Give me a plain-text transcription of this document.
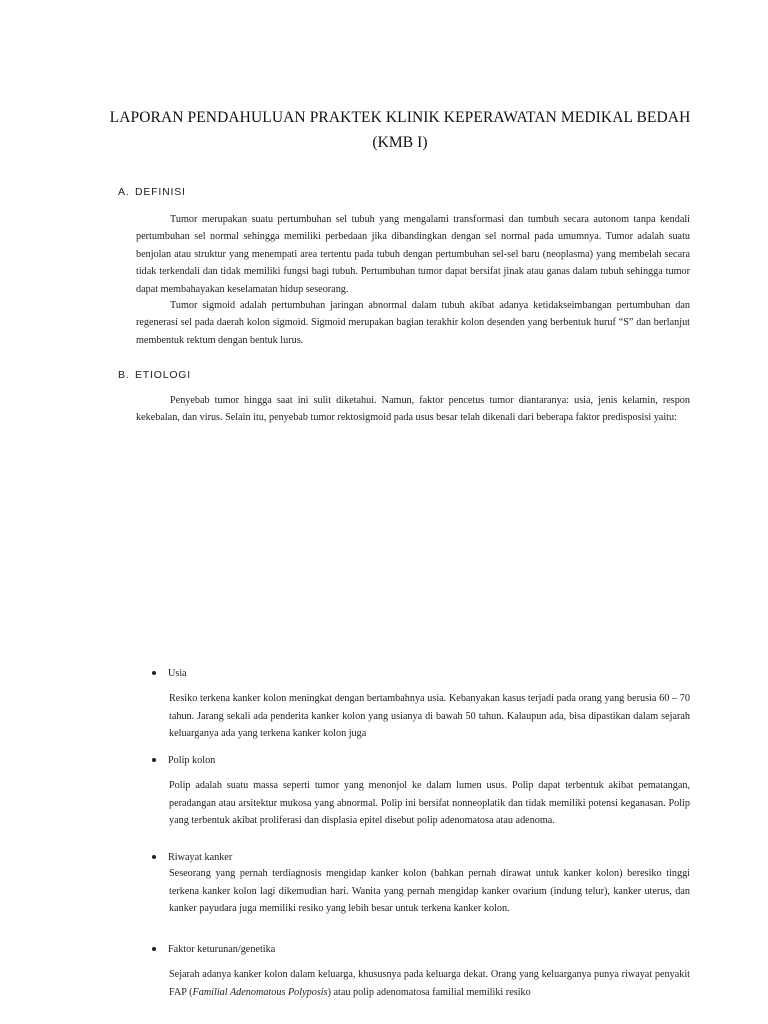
LAPORAN PENDAHULUAN PRAKTEK KLINIK KEPERAWATAN MEDIKAL BEDAH
(KMB I)
A. DEFINISI

Tumor merupakan suatu pertumbuhan sel tubuh yang mengalami transformasi dan tumbuh secara autonom tanpa kendali pertumbuhan sel normal sehingga memiliki perbedaan jika dibandingkan dengan sel normal pada umumnya. Tumor adalah suatu benjolan atau struktur yang menempati area tertentu pada tubuh dengan pertumbuhan sel-sel baru (neoplasma) yang membelah secara tidak terkendali dan tidak memiliki fungsi bagi tubuh. Pertumbuhan tumor dapat bersifat jinak atau ganas dalam tubuh sehingga tumor dapat membahayakan keselamatan hidup seseorang.

Tumor sigmoid adalah pertumbuhan jaringan abnormal dalam tubuh akibat adanya ketidakseimbangan pertumbuhan dan regenerasi sel pada daerah kolon sigmoid. Sigmoid merupakan bagian terakhir kolon desenden yang berbentuk huruf “S” dan berlanjut membentuk rektum dengan bentuk lurus.

B. ETIOLOGI

Penyebab tumor hingga saat ini sulit diketahui. Namun, faktor pencetus tumor diantaranya: usia, jenis kelamin, respon kekebalan, dan virus. Selain itu, penyebab tumor rektosigmoid pada usus besar telah dikenali dari beberapa faktor predisposisi yaitu:

Usia

Resiko terkena kanker kolon meningkat dengan bertambahnya usia. Kebanyakan kasus terjadi pada orang yang berusia 60 – 70 tahun. Jarang sekali ada penderita kanker kolon yang usianya di bawah 50 tahun. Kalaupun ada, bisa dipastikan dalam sejarah keluarganya ada yang terkena kanker kolon juga

Polip kolon

Polip adalah suatu massa seperti tumor yang menonjol ke dalam lumen usus. Polip dapat terbentuk akibat pematangan, peradangan atau arsitektur mukosa yang abnormal. Polip ini bersifat nonneoplatik dan tidak memiliki potensi keganasan. Polip yang terbentuk akibat proliferasi dan displasia epitel disebut polip adenomatosa atau adenoma.

Riwayat kanker

Seseorang yang pernah terdiagnosis mengidap kanker kolon (bahkan pernah dirawat untuk kanker kolon) beresiko tinggi terkena kanker kolon lagi dikemudian hari. Wanita yang pernah mengidap kanker ovarium (indung telur), kanker uterus, dan kanker payudara juga memiliki resiko yang lebih besar untuk terkena kanker kolon.

Faktor keturunan/genetika

Sejarah adanya kanker kolon dalam keluarga, khususnya pada keluarga dekat. Orang yang keluarganya punya riwayat penyakit FAP (Familial Adenomatous Polyposis) atau polip adenomatosa familial memiliki resiko
